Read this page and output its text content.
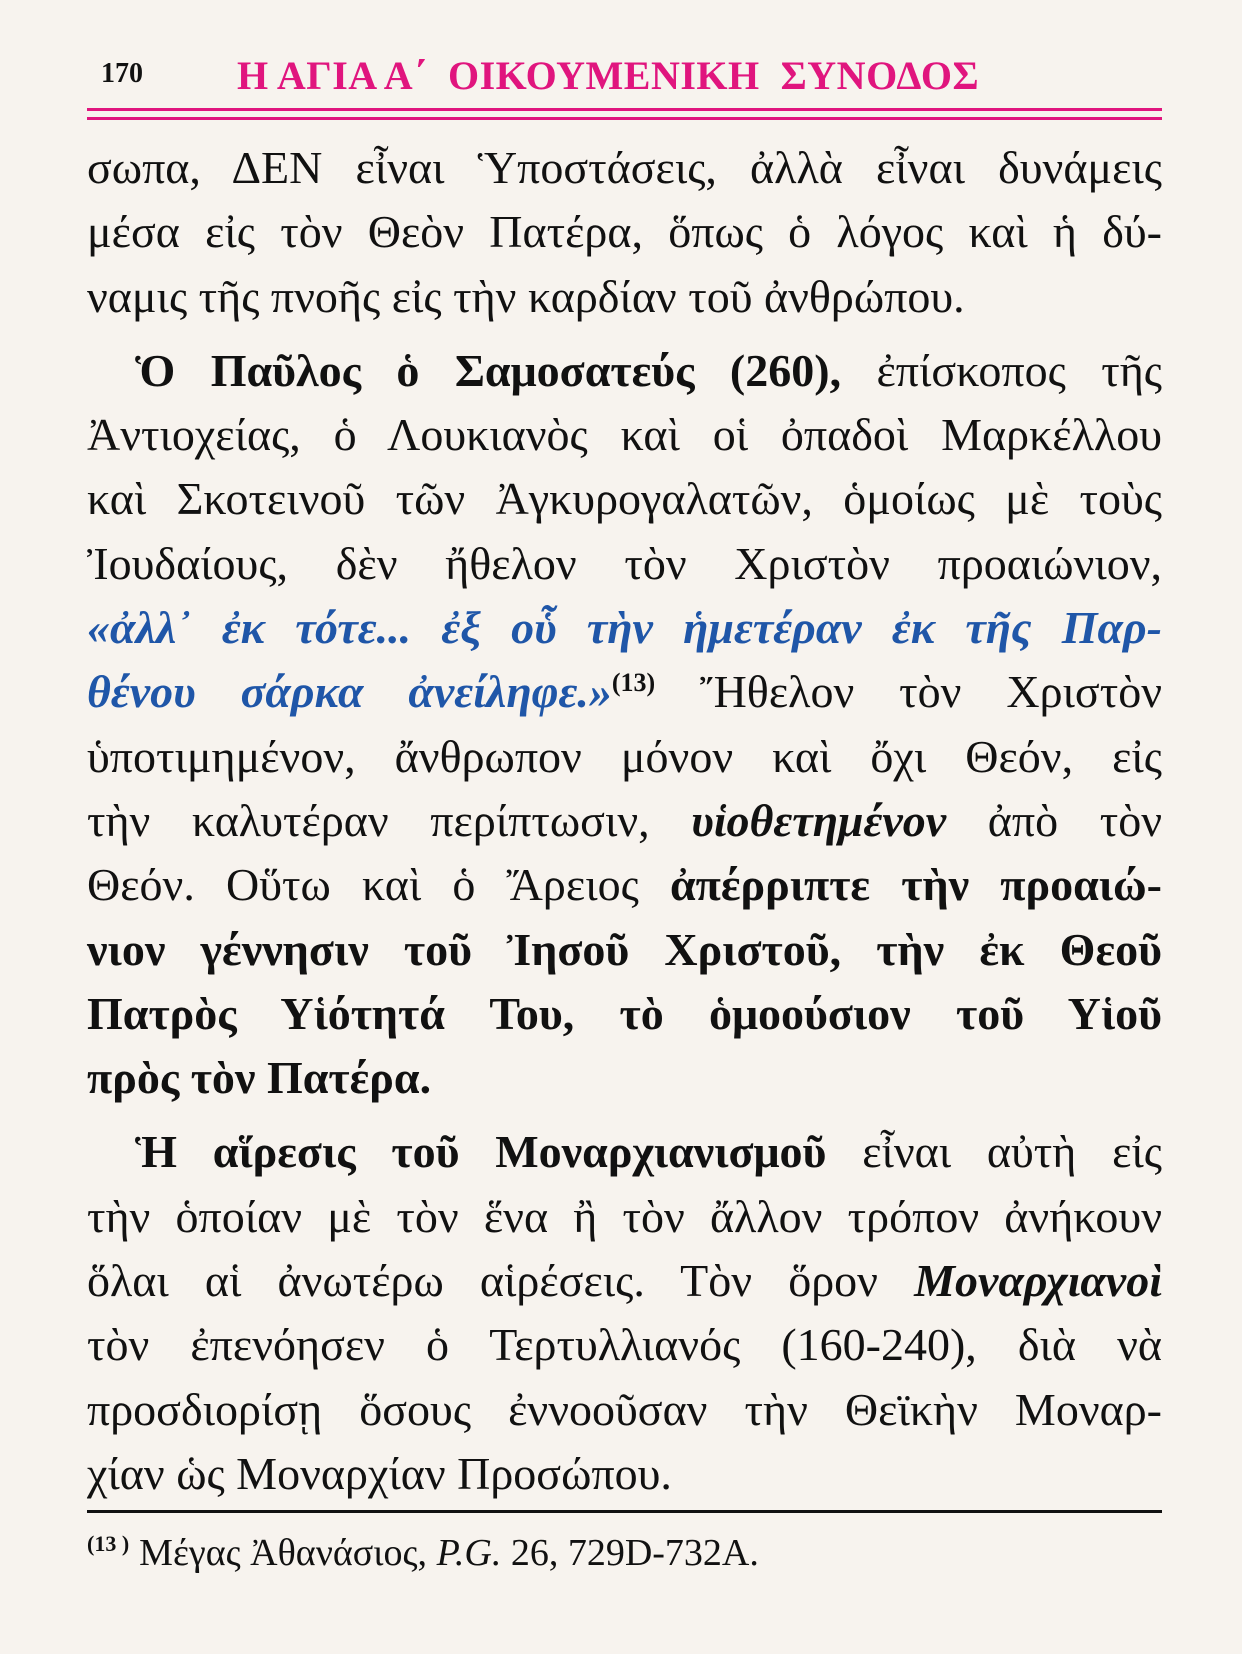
170 Η ΑΓΙΑ Α΄  ΟΙΚΟΥΜΕΝΙΚΗ  ΣΥΝΟΔΟΣ
σωπα, ΔΕΝ εἶναι Ὑποστάσεις, ἀλλὰ εἶναι δυνάμεις
μέσα εἰς τὸν Θεὸν Πατέρα, ὅπως ὁ λόγος καὶ ἡ δύ-
ναμις τῆς πνοῆς εἰς τὴν καρδίαν τοῦ ἀνθρώπου.
Ὁ Παῦλος ὁ Σαμοσατεύς (260), ἐπίσκοπος τῆς
Ἀντιοχείας, ὁ Λουκιανὸς καὶ οἱ ὀπαδοὶ Μαρκέλλου
καὶ Σκοτεινοῦ τῶν Ἀγκυρογαλατῶν, ὁμοίως μὲ τοὺς
Ἰουδαίους, δὲν ἤθελον τὸν Χριστὸν προαιώνιον,
«ἀλλ᾽ ἐκ τότε... ἐξ οὗ τὴν ἡμετέραν ἐκ τῆς Παρ-
θένου σάρκα ἀνείληφε.»$^{(13)}$ Ἤθελον τὸν Χριστὸν
ὑποτιμημένον, ἄνθρωπον μόνον καὶ ὄχι Θεόν, εἰς
τὴν καλυτέραν περίπτωσιν, υἱοθετημένον ἀπὸ τὸν
Θεόν. Οὕτω καὶ ὁ Ἄρειος ἀπέρριπτε τὴν προαιώ-
νιον γέννησιν τοῦ Ἰησοῦ Χριστοῦ, τὴν ἐκ Θεοῦ
Πατρὸς Υἱότητά Του, τὸ ὁμοούσιον τοῦ Υἱοῦ
πρὸς τὸν Πατέρα.
Ἡ αἵρεσις τοῦ Μοναρχιανισμοῦ εἶναι αὐτὴ εἰς
τὴν ὁποίαν μὲ τὸν ἕνα ἢ τὸν ἄλλον τρόπον ἀνήκουν
ὅλαι αἱ ἀνωτέρω αἱρέσεις. Τὸν ὅρον Μοναρχιανοὶ
τὸν ἐπενόησεν ὁ Τερτυλλιανός (160-240), διὰ νὰ
προσδιορίσῃ ὅσους ἐννοοῦσαν τὴν Θεϊκὴν Μοναρ-
χίαν ὡς Μοναρχίαν Προσώπου.
$^{(13 )}$ Μέγας Ἀθανάσιος, P.G. 26, 729D-732A.
